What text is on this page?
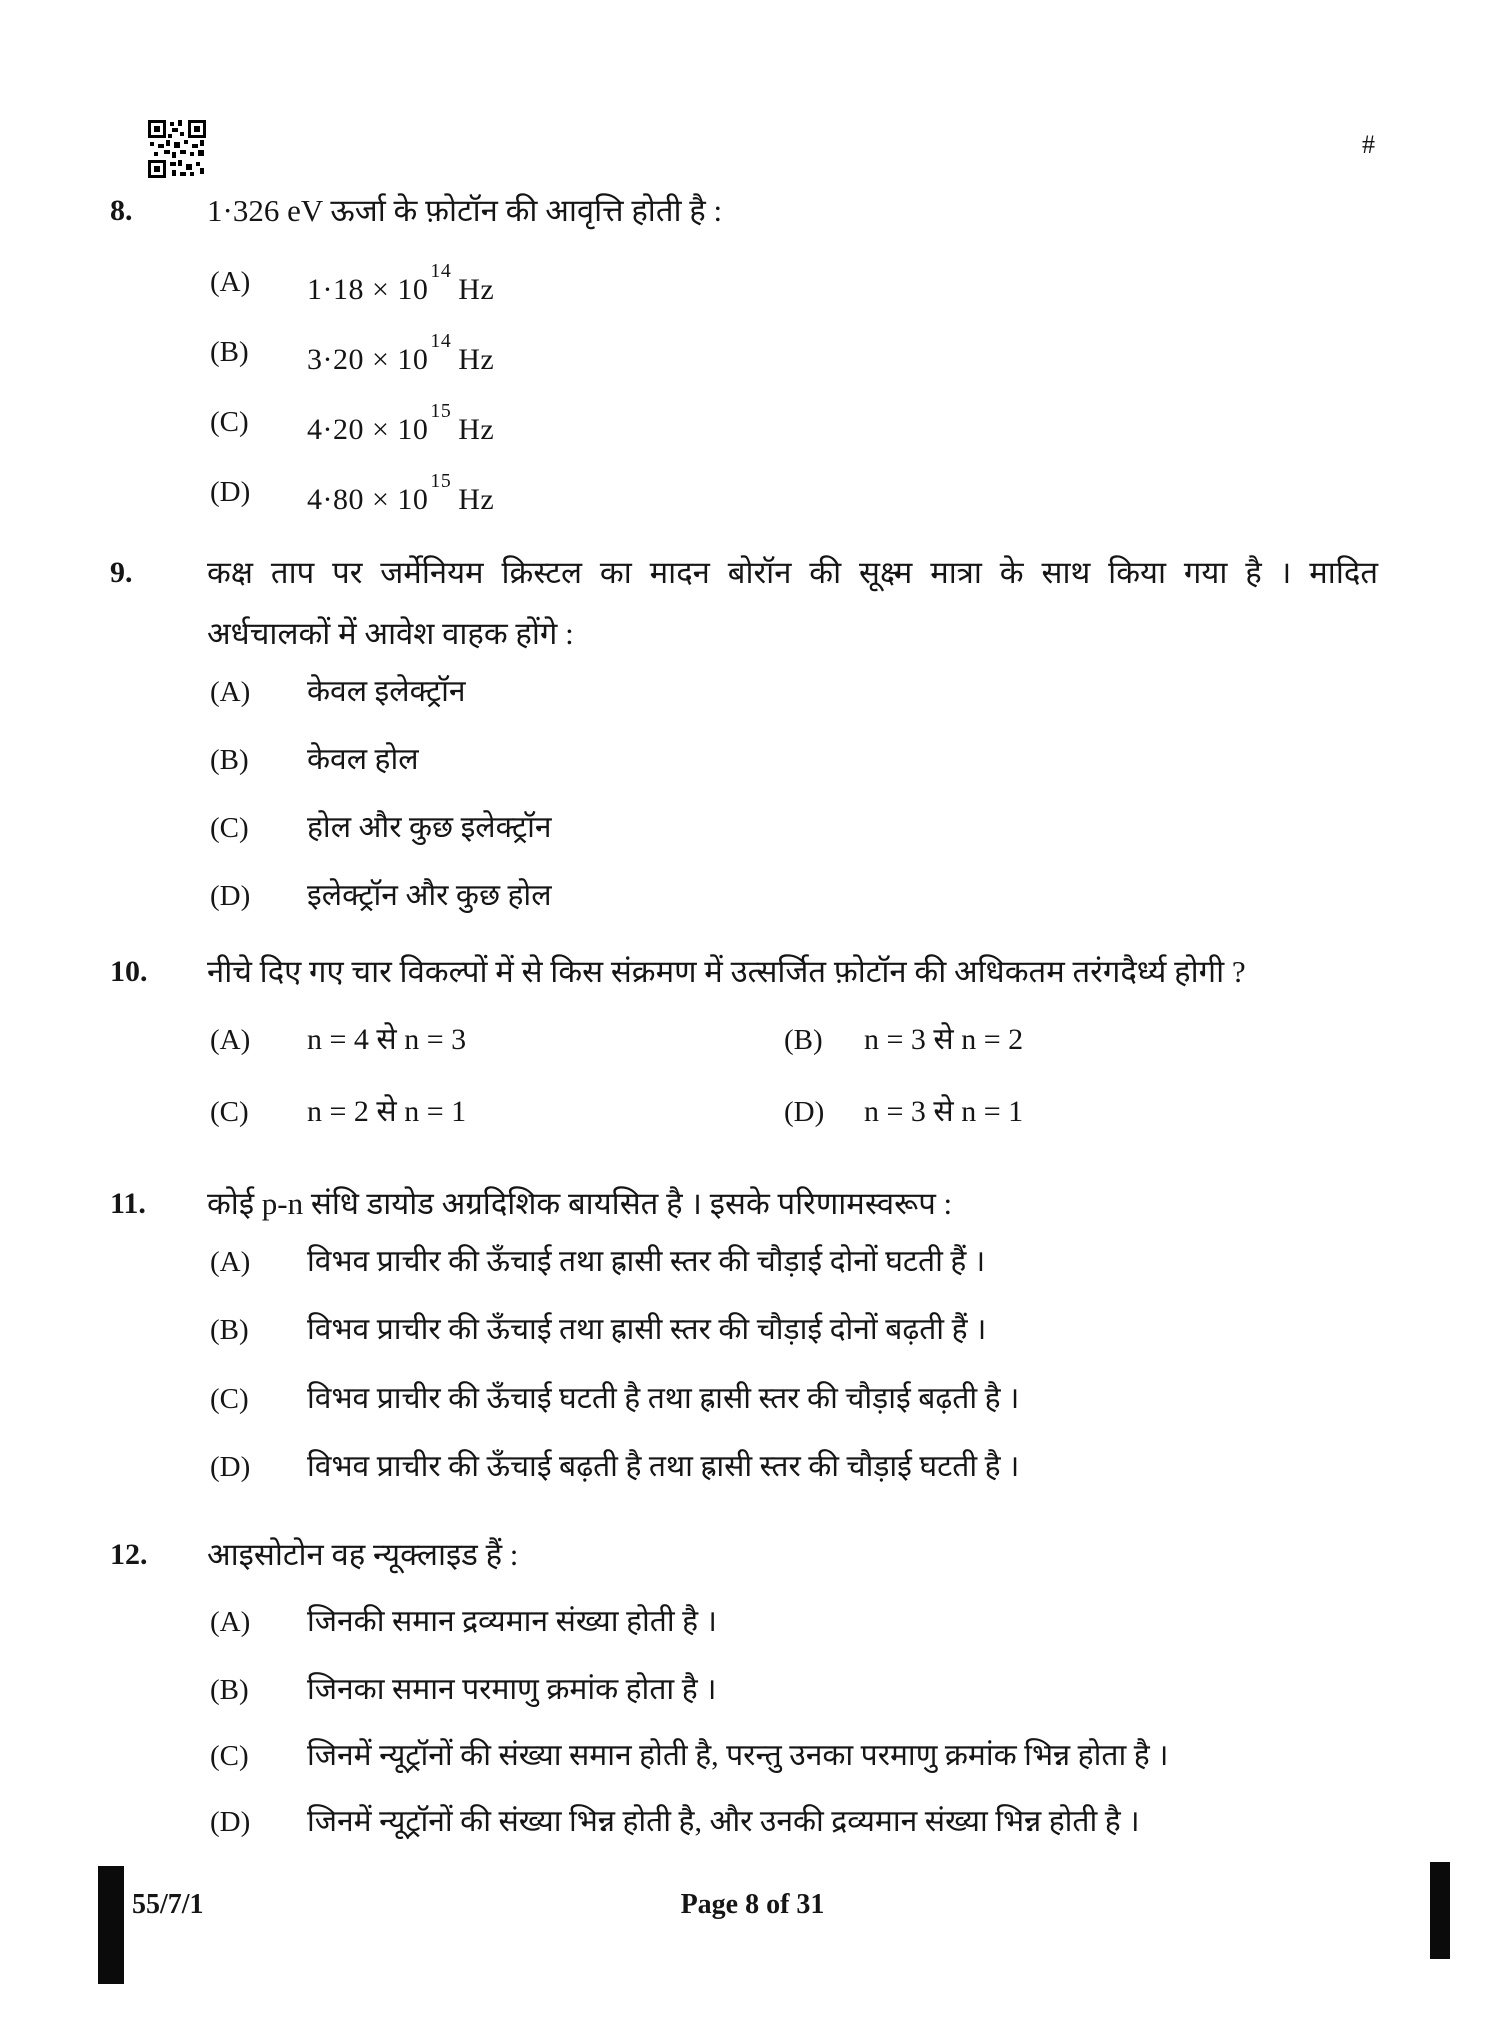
#
8. 1·326 eV ऊर्जा के फ़ोटॉन की आवृत्ति होती है :
(A) $1\cdot 18 \times 10^{14}Hz$
(B) $3\cdot 20 \times 10^{14}Hz$
(C) $4\cdot 20 \times 10^{15}Hz$
(D) $4\cdot 80 \times 10^{15}Hz$
9. कक्ष ताप पर जर्मेनियम क्रिस्टल का मादन बोरॉन की सूक्ष्म मात्रा के साथ किया गया है । मादित
अर्धचालकों में आवेश वाहक होंगे :
(A) केवल इलेक्ट्रॉन
(B) केवल होल
(C) होल और कुछ इलेक्ट्रॉन
(D) इलेक्ट्रॉन और कुछ होल
10. नीचे दिए गए चार विकल्पों में से किस संक्रमण में उत्सर्जित फ़ोटॉन की अधिकतम तरंगदैर्ध्य होगी ?
(A) n = 4 से n = 3	(B) n = 3 से n = 2
(C) n = 2 से n = 1	(D) n = 3 से n = 1
11. कोई p-n संधि डायोड अग्रदिशिक बायसित है । इसके परिणामस्वरूप :
(A) विभव प्राचीर की ऊँचाई तथा ह्रासी स्तर की चौड़ाई दोनों घटती हैं ।
(B) विभव प्राचीर की ऊँचाई तथा ह्रासी स्तर की चौड़ाई दोनों बढ़ती हैं ।
(C) विभव प्राचीर की ऊँचाई घटती है तथा ह्रासी स्तर की चौड़ाई बढ़ती है ।
(D) विभव प्राचीर की ऊँचाई बढ़ती है तथा ह्रासी स्तर की चौड़ाई घटती है ।
12. आइसोटोन वह न्यूक्लाइड हैं :
(A) जिनकी समान द्रव्यमान संख्या होती है ।
(B) जिनका समान परमाणु क्रमांक होता है ।
(C) जिनमें न्यूट्रॉनों की संख्या समान होती है, परन्तु उनका परमाणु क्रमांक भिन्न होता है ।
(D) जिनमें न्यूट्रॉनों की संख्या भिन्न होती है, और उनकी द्रव्यमान संख्या भिन्न होती है ।
55/7/1	Page 8 of 31
